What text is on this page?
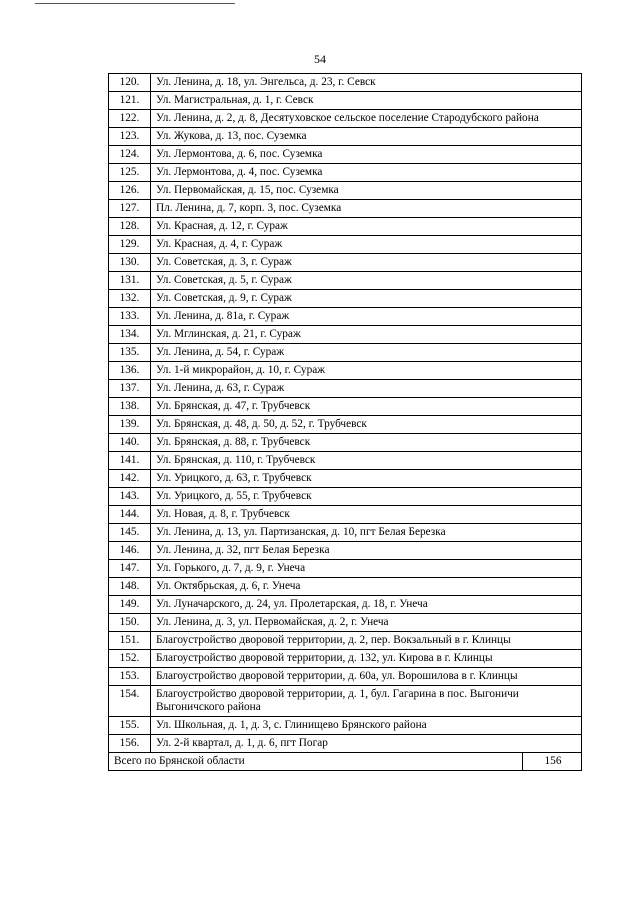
54
120.	Ул. Ленина, д. 18, ул. Энгельса, д. 23, г. Севск	
121.	Ул. Магистральная, д. 1, г. Севск	
122.	Ул. Ленина, д. 2, д. 8, Десятуховское сельское поселение Стародубского района	
123.	Ул. Жукова, д. 13, пос. Суземка	
124.	Ул. Лермонтова, д. 6, пос. Суземка	
125.	Ул. Лермонтова, д. 4, пос. Суземка	
126.	Ул. Первомайская, д. 15, пос. Суземка	
127.	Пл. Ленина, д. 7, корп. 3, пос. Суземка	
128.	Ул. Красная, д. 12, г. Сураж	
129.	Ул. Красная, д. 4, г. Сураж	
130.	Ул. Советская, д. 3, г. Сураж	
131.	Ул. Советская, д. 5, г. Сураж	
132.	Ул. Советская, д. 9, г. Сураж	
133.	Ул. Ленина, д. 81а, г. Сураж	
134.	Ул. Мглинская, д. 21, г. Сураж	
135.	Ул. Ленина, д. 54, г. Сураж	
136.	Ул. 1-й микрорайон, д. 10, г. Сураж	
137.	Ул. Ленина, д. 63, г. Сураж	
138.	Ул. Брянская, д. 47, г. Трубчевск	
139.	Ул. Брянская, д. 48, д. 50, д. 52, г. Трубчевск	
140.	Ул. Брянская, д. 88, г. Трубчевск	
141.	Ул. Брянская, д. 110, г. Трубчевск	
142.	Ул. Урицкого, д. 63, г. Трубчевск	
143.	Ул. Урицкого, д. 55, г. Трубчевск	
144.	Ул. Новая, д. 8, г. Трубчевск	
145.	Ул. Ленина, д. 13, ул. Партизанская, д. 10, пгт Белая Березка	
146.	Ул. Ленина, д. 32, пгт Белая Березка	
147.	Ул. Горького, д. 7, д. 9, г. Унеча	
148.	Ул. Октябрьская, д. 6, г. Унеча	
149.	Ул. Луначарского, д. 24, ул. Пролетарская, д. 18, г. Унеча	
150.	Ул. Ленина, д. 3, ул. Первомайская, д. 2, г. Унеча	
151.	Благоустройство дворовой территории, д. 2, пер. Вокзальный в г. Клинцы	
152.	Благоустройство дворовой территории, д. 132, ул. Кирова в г. Клинцы	
153.	Благоустройство дворовой территории, д. 60а, ул. Ворошилова в г. Клинцы	
154.	Благоустройство дворовой территории, д. 1, бул. Гагарина в пос. Выгоничи Выгоничского района	
155.	Ул. Школьная, д. 1, д. 3, с. Глинищево Брянского района	
156.	Ул. 2-й квартал, д. 1, д. 6, пгт Погар	
Всего по Брянской области		156
